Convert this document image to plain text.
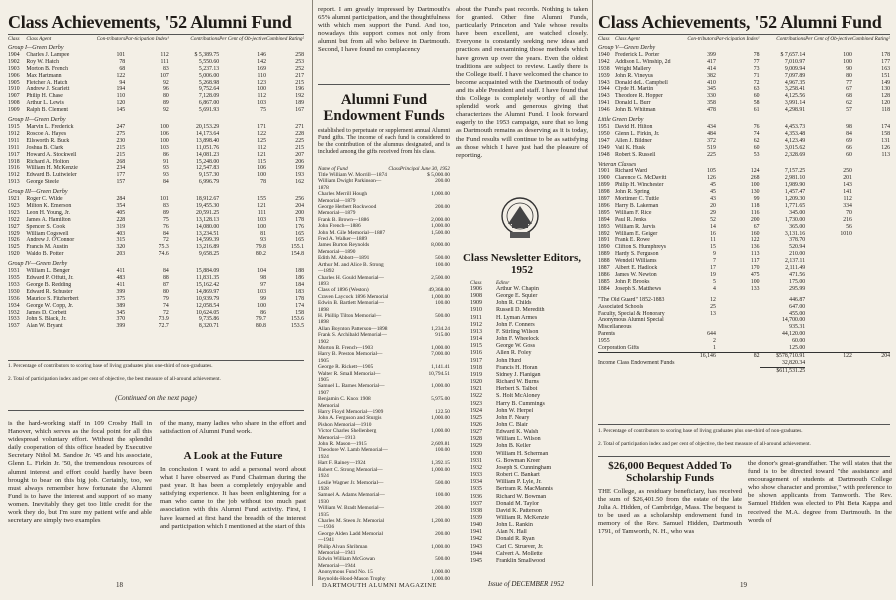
Class Achievements, '52 Alumni Fund
Class	Class Agent	Con-tributors	Par-ticipation Index¹	Contributions	Per Cent of Ob-jective	Combined Rating²
Group I—Green Derby						
1904	Charles J. Lampee	101	112	$ 5,389.75	146	258
1902	Roy W. Hatch	78	111	5,550.60	142	253
1903	Morton B. French	68	83	5,237.13	169	252
1906	Max Hartmann	122	107	5,006.00	110	217
1905	Fletcher A. Hatch	94	92	5,268.98	123	215
1910	Andrew J. Scarlett	194	96	9,752.64	100	196
1907	Philip H. Chase	110	80	7,128.09	112	192
1908	Arthur L. Lewis	120	89	6,867.00	103	189
1909	Ralph B. Clement	145	92	5,691.93	75	167
Group II—Green Derby						
1915	Marvin L. Frederick	247	100	20,153.29	171	271
1912	Roscoe A. Hayes	275	106	14,173.64	122	228
1911	Ellsworth R. Buck	230	100	13,898.40	125	225
1911	Joshua B. Clark	215	103	11,051.76	112	215
1917	Howard A. Stockwell	215	86	14,081.23	121	207
1918	Richard A. Holton	268	91	15,248.00	115	206
1916	William H. McKenzie	234	93	12,547.83	106	199
1912	Edward B. Luitwieler	177	93	9,157.30	100	193
1913	George Steele	157	84	6,996.79	78	162
Group III—Green Derby						
1921	Roger C. Wilde	284	101	18,912.67	155	256
1923	Milton K. Emerson	354	83	19,455.30	121	204
1923	Leon H. Young, Jr.	405	89	20,591.25	111	200
1922	James A. Hamilton	228	75	13,128.13	103	178
1927	Spencer S. Cook	319	76	14,080.00	100	176
1929	William Cogswell	403	84	13,234.51	81	165
1926	Andrew J. O'Connor	315	72	14,599.39	93	165
1925	Francis M. Austin	320	75.3	13,216.89	79.8	155.1
1920	Waldo B. Potter	203	74.6	9,658.25	80.2	154.8
Group IV—Green Derby						
1931	William L. Benger	411	84	15,884.09	104	188
1935	Edward P. Offutt, Jr.	483	88	11,831.35	98	186
1933	George B. Redding	411	87	15,162.42	97	184
1930	Edward R. Schuster	399	80	14,869.97	103	183
1936	Maurice S. Fitzherbert	375	79	10,939.79	99	178
1934	George W. Copp, Jr.	389	74	12,058.54	100	174
1932	James D. Corbett	345	72	10,624.05	86	158
1933	John S. Black, Jr.	370	73.9	9,735.86	79.7	153.6
1937	Alan W. Bryant	399	72.7	8,320.71	80.8	153.5
1. Percentage of contributors to scoring base of living graduates plus one-third of non-graduates.
2. Total of participation index and per cent of objective, the best measure of all-around achievement.
(Continued on the next page)
is the hard-working staff in 109 Crosby Hall in Hanover, which serves as the focal point for all this widespread voluntary effort. Without the splendid daily cooperation of this office headed by Executive Secretary Niñol M. Sandoe Jr. '45 and his associate, Glenn L. Firkin Jr. '50, the tremendous resources of alumni interest and effort could hardly have been brought to bear on this big job. Certainly, too, we must always remember how fortunate the Alumni Fund is to have the interest and support of so many women. Inevitably they get too little credit for the work they do, but I'm sure my patient wife and able secretary are simply two examples
of the many, many ladies who share in the effort and satisfaction of Alumni Fund work.
A Look at the Future
In conclusion I want to add a personal word about what I have observed as Fund Chairman during the past year. It has been a completely enjoyable and satisfying experience. It has been enlightening for a man who came to the job without too much past association with this Alumni Fund activity. First, I have learned at first hand the breadth of the interest and participation which I mentioned at the start of this
report. I am greatly impressed by Dartmouth's 65% alumni participation, and the thoughtfulness with which men support the Fund. And too, nowadays this support comes not only from alumni but from all who believe in Dartmouth. Second, I have found no complacency
Alumni Fund Endowment Funds
established to perpetuate or supplement annual Alumni Fund gifts. The income of each fund is considered to be the contribution of the alumnus designated, and is included among the gifts received from his class.
Name of Fund	Class	Principal June 30, 1952
Title William W. Morrill—1874		$ 5,000.00
William Dwight Parkinson—1878		200.00
Charles Merrill Hough Memorial—1879		1,000.00
George Herbert Rockwood Memorial—1879		200.00
Frank B. Brown—1886		2,000.00
John French—1886		1,000.00
John M. Gile Memorial—1887		1,500.00
Fred A. Walker—1889		
James Burton Reynolds Memorial—1890		8,000.00
Edith M. Abbott—1891		500.00
Arthur M. and Alice B. Strong—1892		100.00
Charles H. Gould Memorial—1893		2,500.00
Class of 1896 (Weston)		49,368.00
Craven Laycock 1896 Memorial		1,000.00
Edwin B. Bartlett Memorial—1898		100.00
H. Phillip Tilton Memorial—1898		500.00
Allan Boynton Patterson—1898		1,234.24
Frank S. Archibald Memorial—1902		915.00
Morton B. French—1903		1,000.00
Harry B. Preston Memorial—1905		7,000.00
George R. Rickett—1905		1,141.41
Walter R. Small Memorial—1905		10,794.51
Samuel L. Barnes Memorial—1907		1,000.00
Benjamin C. Knox 1908 Memorial		5,975.00
Harry Floyd Memorial—1909		122.50
John A. Ferguson and Sturgis Pishon Memorial—1910		1,000.00
Victor Charles Shellenberg Memorial—1913		1,000.00
John R. Mason—1915		2,609.81
Theodore W. Lamb Memorial—1924		100.00
Hart F. Rainey—1924		1,392.15
Robert C. Strong Memorial—1924		1,000.00
Leslie Wagner Jr. Memorial—1928		500.00
Samuel A. Adams Memorial—1930		100.00
William W. Bradt Memorial—1935		200.00
Charles M. Steen Jr. Memorial—1936		1,200.00
George Alden Ladd Memorial—1941		200.00
Philip Alvan Shribman Memorial—1941		1,000.00
Edwin William McGowan Memorial—1944		500.00
Anonymous Fund No. 15		1,000.00
Reynolds-Hood-Mason Trophy		1,000.00
18	DARTMOUTH ALUMNI MAGAZINE
about the Fund's past records. Nothing is taken for granted. Other fine Alumni Funds, particularly Princeton and Yale whose results have been excellent, are watched closely. Everyone is constantly seeking new ideas and practices and reexamining those methods which have grown up over the years. Even the oldest traditions are subject to review. Lastly there is the College itself. I have welcomed the chance to become acquainted with the Dartmouth of today and its able President and staff. I have found that this College is completely worthy of all the splendid work and generous giving that characterizes the Alumni Fund. I look forward eagerly to the 1953 campaign, sure that so long as Dartmouth remains as deserving as it is today, the Fund results will continue to be as satisfying as those which I have just had the pleasure of reporting.
Class Newsletter Editors, 1952
Class	Editor
1906	Arthur W. Chapin
1908	George E. Squier
1909	John R. Childs
1910	Russell D. Meredith
1911	H. Lyman Armes
1912	John F. Conners
1913	F. Stirling Wilson
1914	John F. Wheelock
1915	George W. Goss
1916	Allen R. Foley
1917	John Hurd
1918	Francis H. Horan
1919	Sidney J. Flanigan
1920	Richard W. Burns
1921	Herbert S. Talbot
1922	S. Holt McAloney
1923	Harry B. Cummings
1924	John W. Herpel
1925	John F. Neary
1926	John C. Blair
1927	Edward K. Walsh
1928	William L. Wilson
1929	John B. Keller
1930	William H. Scherman
1931	G. Bowman Kreer
1932	Joseph S. Cunningham
1933	Robert C. Bankart
1934	William P. Lyle, Jr.
1935	Bertram R. MacMannis
1936	Richard W. Bowman
1937	Donald M. Taylor
1938	David K. Patterson
1939	William R. McKenzie
1940	John L. Rankin
1941	Alan N. Hall
1942	Donald R. Ryan
1943	Carl C. Struever, Jr.
1944	Calvert A. Mollette
1945	Franklin Smallwood
Issue of DECEMBER 1952
Class Achievements, '52 Alumni Fund
Class	Class Agent	Con-tributors	Par-ticipation Index¹	Contributions	Per Cent of Ob-jective	Combined Rating²
Group V—Green Derby						
1940	Frederick L. Porter	399	78	$ 7,657.14	100	178
1942	Addison L. Winship, 2d	417	77	7,010.97	100	177
1938	Wright Mallery	414	73	9,009.94	90	163
1939	John R. Vineyus	382	71	7,097.89	80	151
1943	Donald deL. Campbell	410	72	4,967.35	77	149
1944	Clyde H. Martin	345	63	3,258.41	67	130
1943	Theodore R. Hopper	330	60	4,125.56	68	128
1941	Donald L. Burr	358	58	3,991.14	62	120
1946	John B. Whitman	478	61	4,298.91	57	118
Little Green Derby						
1951	David H. Hilton	434	76	4,453.73	98	174
1950	Glenn L. Firkin, Jr.	484	74	4,353.48	84	158
1947	Allen J. Bildner	372	62	4,123.49	69	131
1949	Vail K. Husk	519	60	3,015.62	66	126
1948	Robert S. Russell	225	53	2,328.69	60	113
Veteran Classes						
1901	Richard Ward	105	124	7,157.25	250	
1900	Clarence G. McDavitt	126	268	2,981.10	201	
1899	Philip H. Winchester	45	100	1,989.90	143	
1898	John R. Spring	45	130	1,457.47	141	
1897	Mortimer C. Tuttle	43	99	1,209.30	112	
1896	Harry B. Lakeman	20	118	1,771.65	334	
1895	William F. Rice	29	116	345.00	70	
1894	Paul R. Jenks	52	200	1,730.00	216	
1893	William R. Jarvis	14	67	365.00	56	
1892	William E. Geiger	16	160	3,131.16	1010	
1891	Frank E. Rowe	11	122	378.70		
1890	Clifton S. Humphreys	15	136	520.94		
1889	Hardy S. Ferguson	9	113	210.00		
1888	Wendell Williams	7	117	2,137.11		
1887	Albert E. Hadlock	17	170	2,111.49		
1886	James W. Newton	19	475	471.56		
1885	John P. Brooks	5	100	175.00		
1884	Joseph S. Matthews	4	133	295.99		

"The Old Guard" 1852-1883		12		446.87		
Associated Schools		25		647.00		
Faculty, Special & Honorary		13		455.00		
Anonymous Alumni Special				14,700.00		
Miscellaneous				935.31		
Parents		644		44,120.00		
1955		2		60.00		
Corporation Gifts		1		125.00		
		16,146	82	$578,710.91	122	204
Income Class Endowment Funds				32,820.34		
				$611,531.25		
1. Percentage of contributors to scoring base of living graduates plus one-third of non-graduates.
2. Total of participation index and per cent of objective, the best measure of all-around achievement.
$26,000 Bequest Added To Scholarship Funds
THE College, as residuary beneficiary, has received the sum of $26,401.50 from the estate of the late Julia A. Hidden, of Cambridge, Mass. The bequest is to be used as a scholarship endowment fund in memory of the Rev. Samuel Hidden, Dartmouth 1791, of Tamworth, N. H., who was
the donor's great-grandfather. The will states that the fund is to be directed toward "the assistance and encouragement of students at Dartmouth College who show character and promise," with preference to be shown applicants from Tamworth. The Rev. Samuel Hidden was elected to Phi Beta Kappa and received the M.A. degree from Dartmouth. In the words of
19
